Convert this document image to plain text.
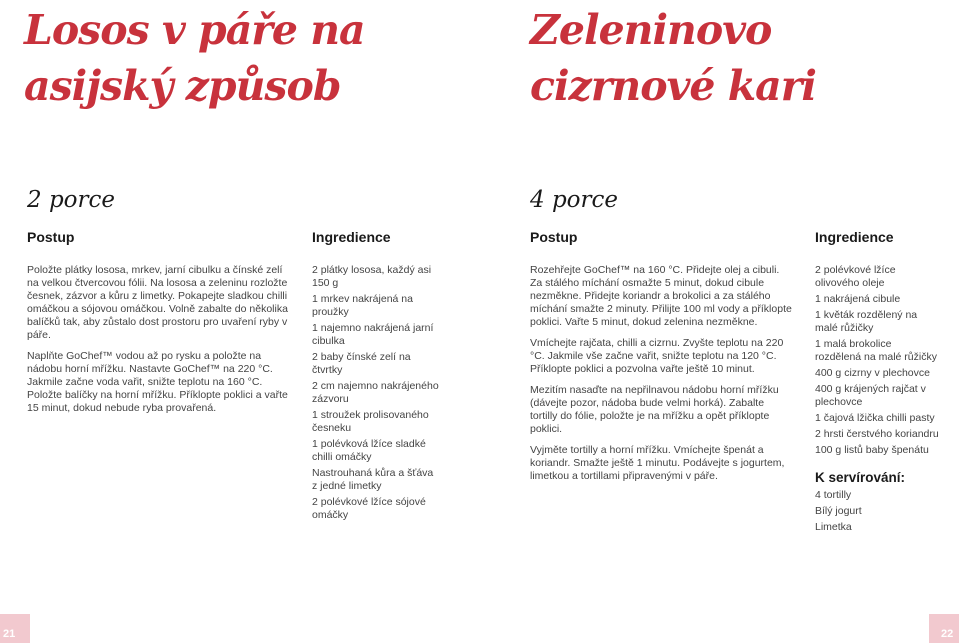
Losos v páře na
asijský způsob
2 porce
Postup	Ingredience

Položte plátky lososa, mrkev, jarní cibulku a čínské zelí na velkou čtvercovou fólii. Na lososa a zeleninu rozložte česnek, zázvor a kůru z limetky. Pokapejte sladkou chilli omáčkou a sójovou omáčkou. Volně zabalte do několika balíčků tak, aby zůstalo dost prostoru pro uvaření ryby v páře.

Naplňte GoChef™ vodou až po rysku a položte na nádobu horní mřížku. Nastavte GoChef™ na 220 °C. Jakmile začne voda vařit, snižte teplotu na 160 °C. Položte balíčky na horní mřížku. Příklopte poklici a vařte 15 minut, dokud nebude ryba provařená.

2 plátky lososa, každý asi 150 g
1 mrkev nakrájená na proužky
1 najemno nakrájená jarní cibulka
2 baby čínské zelí na čtvrtky
2 cm najemno nakrájeného zázvoru
1 stroužek prolisovaného česneku
1 polévková lžíce sladké chilli omáčky
Nastrouhaná kůra a šťáva z jedné limetky
2 polévkové lžíce sójové omáčky
Zeleninovo
cizrnové kari
4 porce
Postup	Ingredience

Rozehřejte GoChef™ na 160 °C. Přidejte olej a cibuli. Za stálého míchání osmažte 5 minut, dokud cibule nezměkne. Přidejte koriandr a brokolici a za stálého míchání smažte 2 minuty. Přilijte 100 ml vody a příklopte poklici. Vařte 5 minut, dokud zelenina nezměkne.

Vmíchejte rajčata, chilli a cizrnu. Zvyšte teplotu na 220 °C. Jakmile vše začne vařit, snižte teplotu na 120 °C. Příklopte poklici a pozvolna vařte ještě 10 minut.

Mezitím nasaďte na nepřilnavou nádobu horní mřížku (dávejte pozor, nádoba bude velmi horká). Zabalte tortilly do fólie, položte je na mřížku a opět příklopte poklici.

Vyjměte tortilly a horní mřížku. Vmíchejte špenát a koriandr. Smažte ještě 1 minutu. Podávejte s jogurtem, limetkou a tortillami připravenými v páře.

2 polévkové lžíce olivového oleje
1 nakrájená cibule
1 květák rozdělený na malé růžičky
1 malá brokolice rozdělená na malé růžičky
400 g cizrny v plechovce
400 g krájených rajčat v plechovce
1 čajová lžička chilli pasty
2 hrsti čerstvého koriandru
100 g listů baby špenátu
K servírování:
4 tortilly
Bílý jogurt
Limetka
21	22
